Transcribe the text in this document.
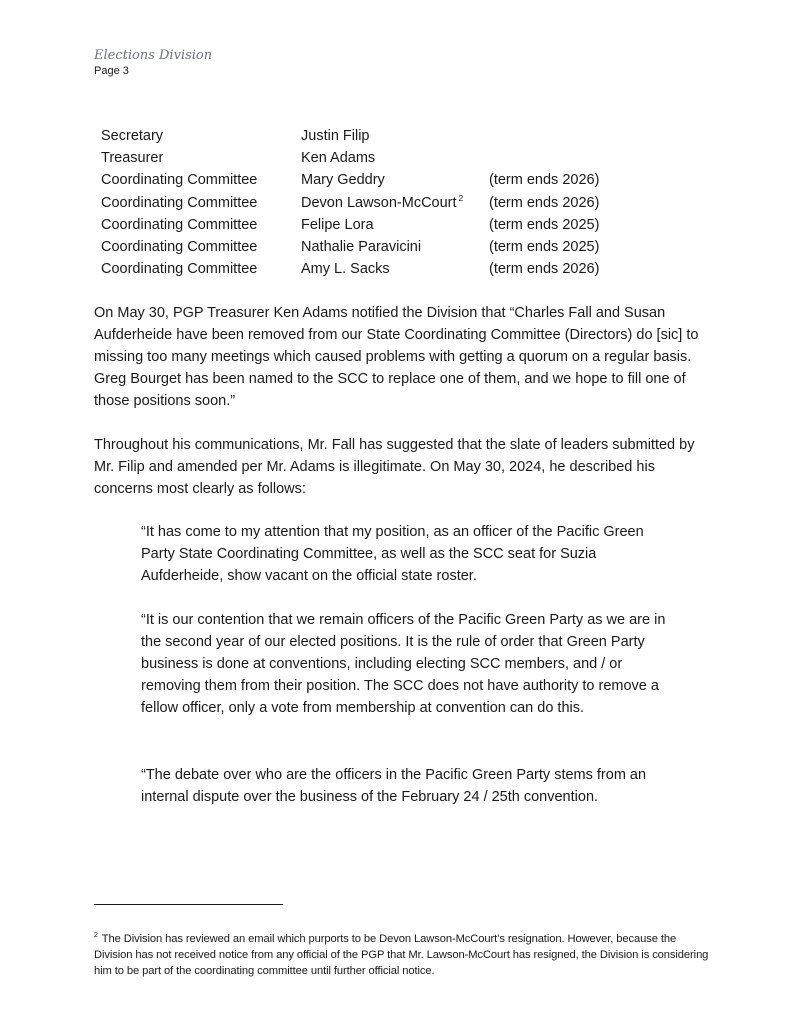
Elections Division
Page 3
Secretary	Justin Filip	
Treasurer	Ken Adams	
Coordinating Committee	Mary Geddry	(term ends 2026)
Coordinating Committee	Devon Lawson-McCourt $^2$	(term ends 2026)
Coordinating Committee	Felipe Lora	(term ends 2025)
Coordinating Committee	Nathalie Paravicini	(term ends 2025)
Coordinating Committee	Amy L. Sacks	(term ends 2026)

On May 30, PGP Treasurer Ken Adams notified the Division that “Charles Fall and Susan Aufderheide have been removed from our State Coordinating Committee (Directors) do [sic] to missing too many meetings which caused problems with getting a quorum on a regular basis. Greg Bourget has been named to the SCC to replace one of them, and we hope to fill one of those positions soon.”

Throughout his communications, Mr. Fall has suggested that the slate of leaders submitted by Mr. Filip and amended per Mr. Adams is illegitimate. On May 30, 2024, he described his concerns most clearly as follows:

“It has come to my attention that my position, as an officer of the Pacific Green Party State Coordinating Committee, as well as the SCC seat for Suzia Aufderheide, show vacant on the official state roster.

“It is our contention that we remain officers of the Pacific Green Party as we are in the second year of our elected positions. It is the rule of order that Green Party business is done at conventions, including electing SCC members, and / or removing them from their position. The SCC does not have authority to remove a fellow officer, only a vote from membership at convention can do this.

“The debate over who are the officers in the Pacific Green Party stems from an internal dispute over the business of the February 24 / 25th convention.

$^2$ The Division has reviewed an email which purports to be Devon Lawson-McCourt’s resignation. However, because the Division has not received notice from any official of the PGP that Mr. Lawson-McCourt has resigned, the Division is considering him to be part of the coordinating committee until further official notice.
